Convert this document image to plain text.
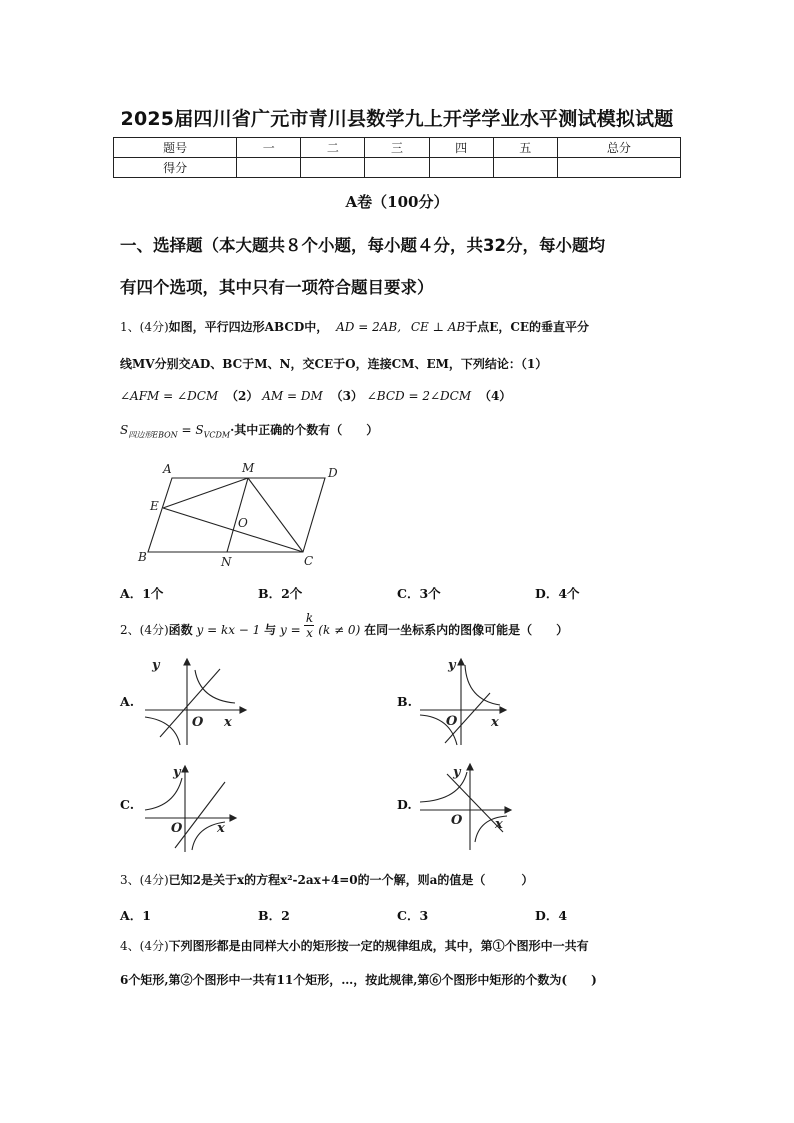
2025届四川省广元市青川县数学九上开学学业水平测试模拟试题
题号	一	二	三	四	五	总分
得分						
A卷（100分）
一、选择题（本大题共８个小题，每小题４分，共32分，每小题均
有四个选项，其中只有一项符合题目要求）
1、(4分)如图，平行四边形ABCD中， AD = 2AB, CE ⊥ AB于点E，CE的垂直平分
线MV分别交AD、BC于M、N，交CE于O，连接CM、EM，下列结论：（1）
∠AFM = ∠DCM （2） AM = DM （3） ∠BCD = 2∠DCM （4）
$S_{四边形EBON} = S_{VCDM}\cdot$其中正确的个数有（　　）
A	M	D
E
O
B	N	C
A．1个	B．2个	C．3个	D．4个
2、(4分)函数 y = kx − 1 与 $y = \frac{k}{x} (k \ne 0)$ 在同一坐标系内的图像可能是（　　）
A.
y
O x
B.
y
O	x
C.
y
O	x
D.
y
O	x
3、(4分)已知2是关于x的方程x²-2ax+4=0的一个解，则a的值是（　　　）
A．1	B．2	C．3	D．4
4、(4分)下列图形都是由同样大小的矩形按一定的规律组成，其中，第①个图形中一共有
6个矩形,第②个图形中一共有11个矩形，…，按此规律,第⑥个图形中矩形的个数为(　　)
